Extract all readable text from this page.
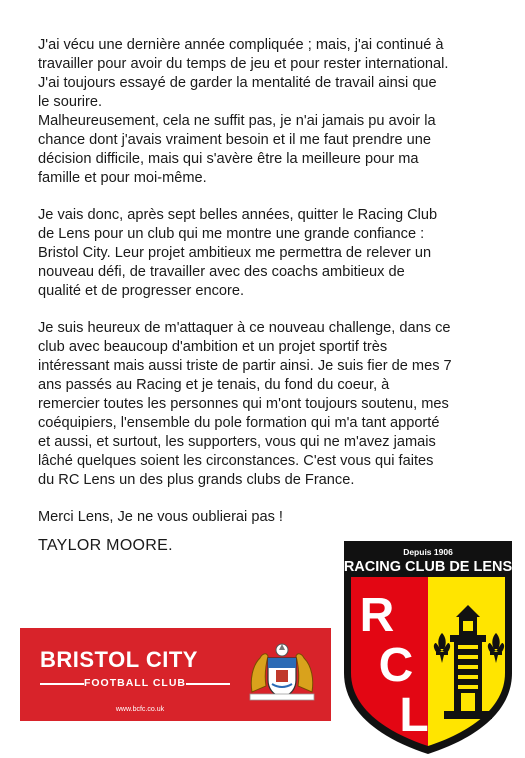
J'ai vécu une dernière année compliquée ; mais, j'ai continué à
travailler pour avoir du temps de jeu et pour rester international.
J'ai toujours essayé de garder la mentalité de travail ainsi que
le sourire.

Malheureusement, cela ne suffit pas, je n'ai jamais pu avoir la
chance dont j'avais vraiment besoin et il me faut prendre une
décision difficile, mais qui s'avère être la meilleure pour ma
famille et pour moi-même.

Je vais donc, après sept belles années, quitter le Racing Club
de Lens pour un club qui me montre une grande confiance :
Bristol City. Leur projet ambitieux me permettra de relever un
nouveau défi, de travailler avec des coachs ambitieux de
qualité et de progresser encore.

Je suis heureux de m'attaquer à ce nouveau challenge, dans ce
club avec beaucoup d'ambition et un projet sportif très
intéressant mais aussi triste de partir ainsi. Je suis fier de mes 7
ans passés au Racing et je tenais, du fond du coeur, à
remercier toutes les personnes qui m'ont toujours soutenu, mes
coéquipiers, l'ensemble du pole formation qui m'a tant apporté
et aussi, et surtout, les supporters, vous qui ne m'avez jamais
lâché quelques soient les circonstances. C'est vous qui faites
du RC Lens un des plus grands clubs de France.

Merci Lens, Je ne vous oublierai pas !

TAYLOR MOORE.
BRISTOL CITY
FOOTBALL CLUB
www.bcfc.co.uk
Depuis 1906
RACING CLUB DE LENS
R
C
L
